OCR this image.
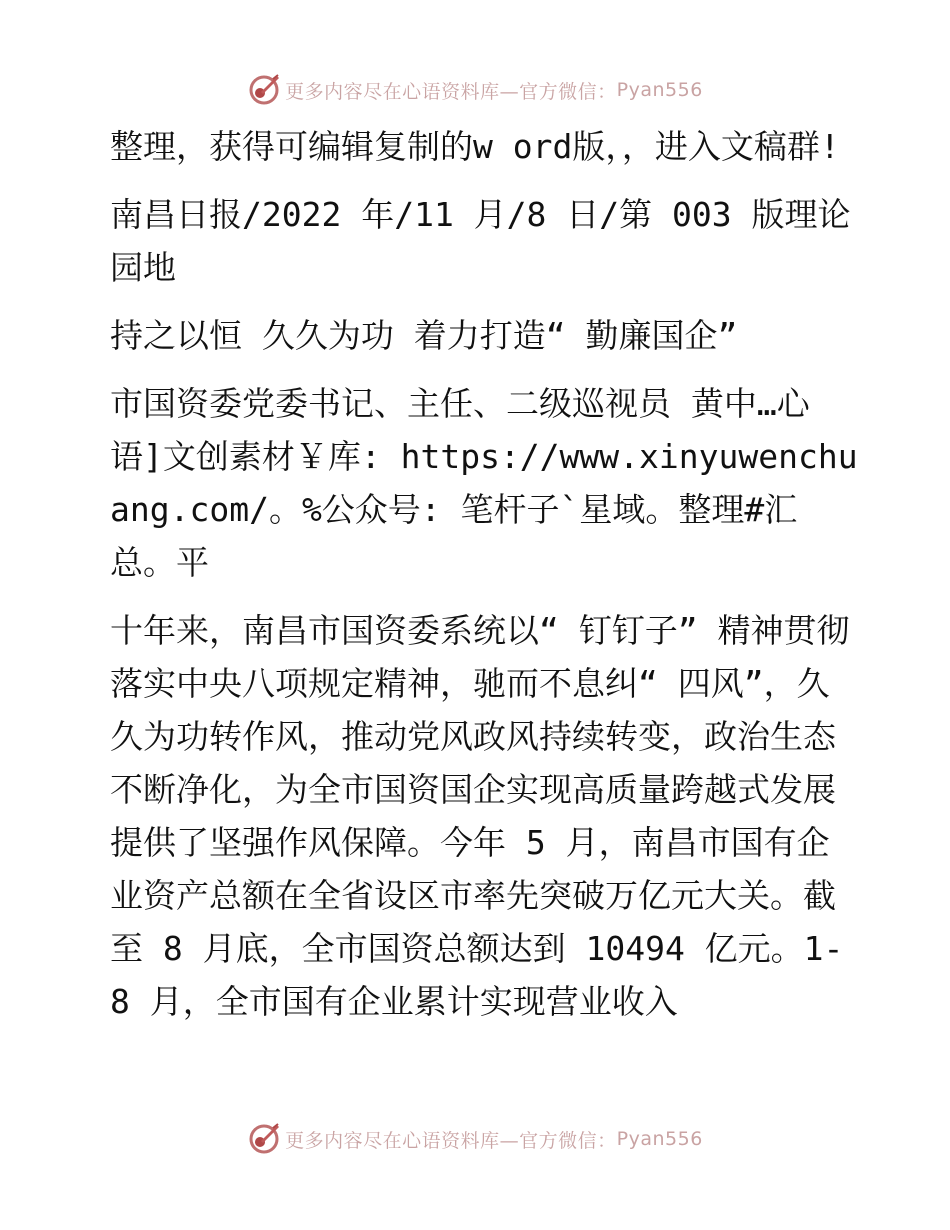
更多内容尽在心语资料库—官方微信： Pyan556

整理，获得可编辑复制的w ord版，，进入文稿群!

南昌日报/2022 年/11 月/8 日/第 003 版理论园地

持之以恒 久久为功 着力打造“ 勤廉国企”

市国资委党委书记、主任、二级巡视员 黄中…心语]文创素材￥库: https://www.xinyuwenchuang.com/。%公众号: 笔杆子`星域。整理#汇总。平

十年来，南昌市国资委系统以“ 钉钉子” 精神贯彻落实中央八项规定精神，驰而不息纠“ 四风”，久久为功转作风，推动党风政风持续转变，政治生态不断净化，为全市国资国企实现高质量跨越式发展提供了坚强作风保障。今年 5 月，南昌市国有企业资产总额在全省设区市率先突破万亿元大关。截至 8 月底，全市国资总额达到 10494 亿元。1-8 月，全市国有企业累计实现营业收入

更多内容尽在心语资料库—官方微信： Pyan556
